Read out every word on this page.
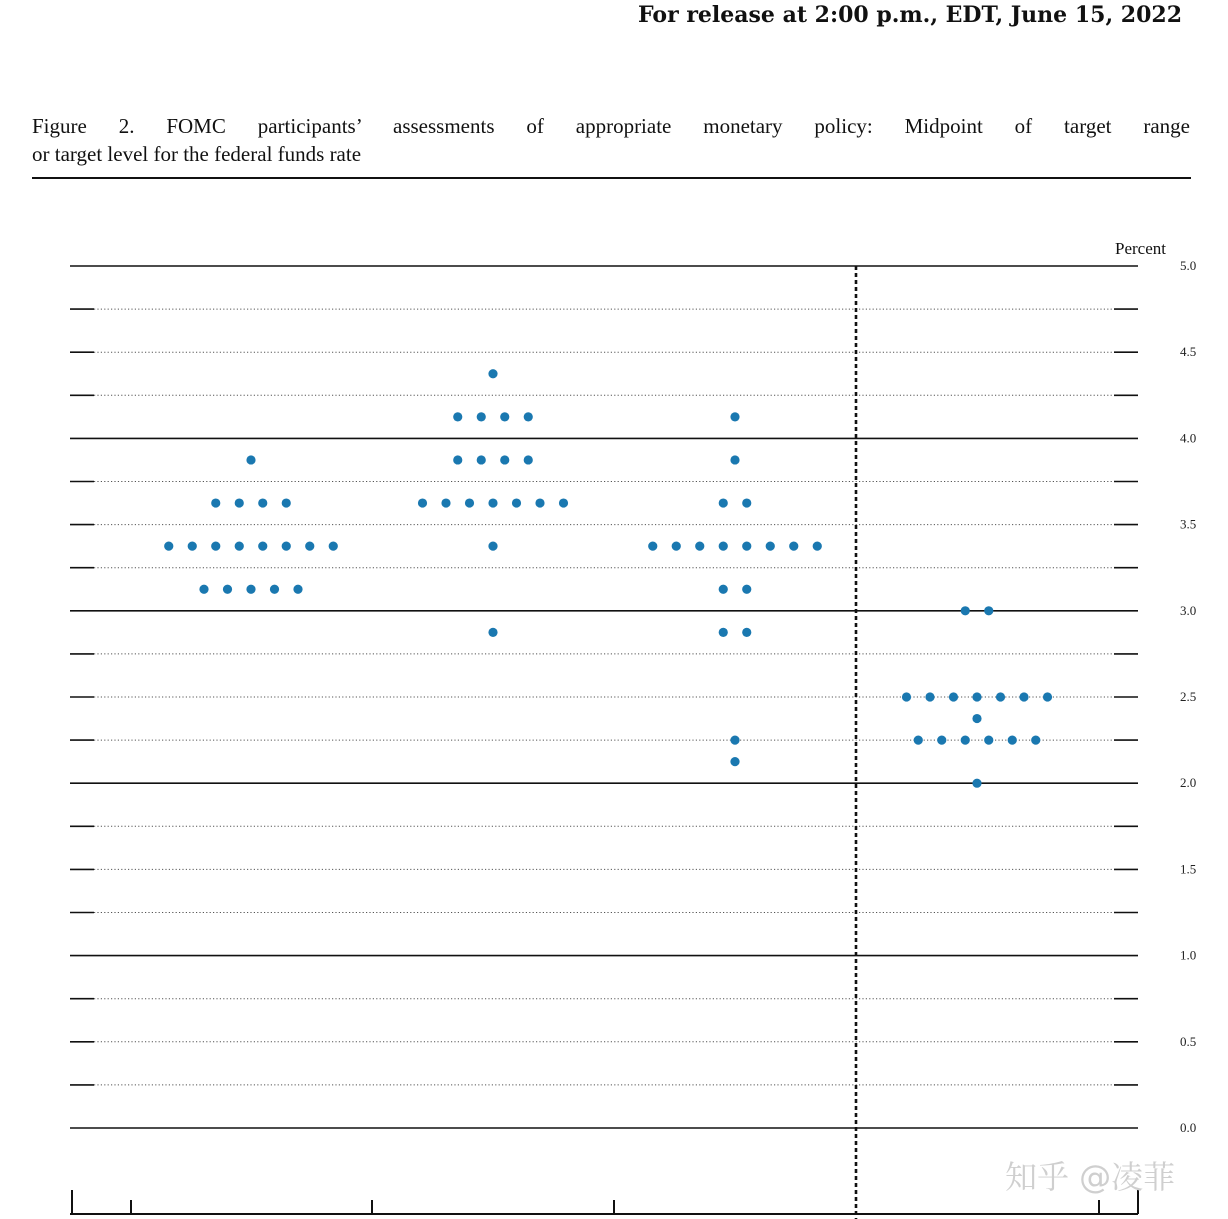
For release at 2:00 p.m., EDT, June 15, 2022
Figure 2. FOMC participants’ assessments of appropriate monetary policy: Midpoint of target range
or target level for the federal funds rate
5.0
4.5
4.0
3.5
3.0
2.5
2.0
1.5
1.0
0.5
0.0
Percent
知乎 @凌菲
